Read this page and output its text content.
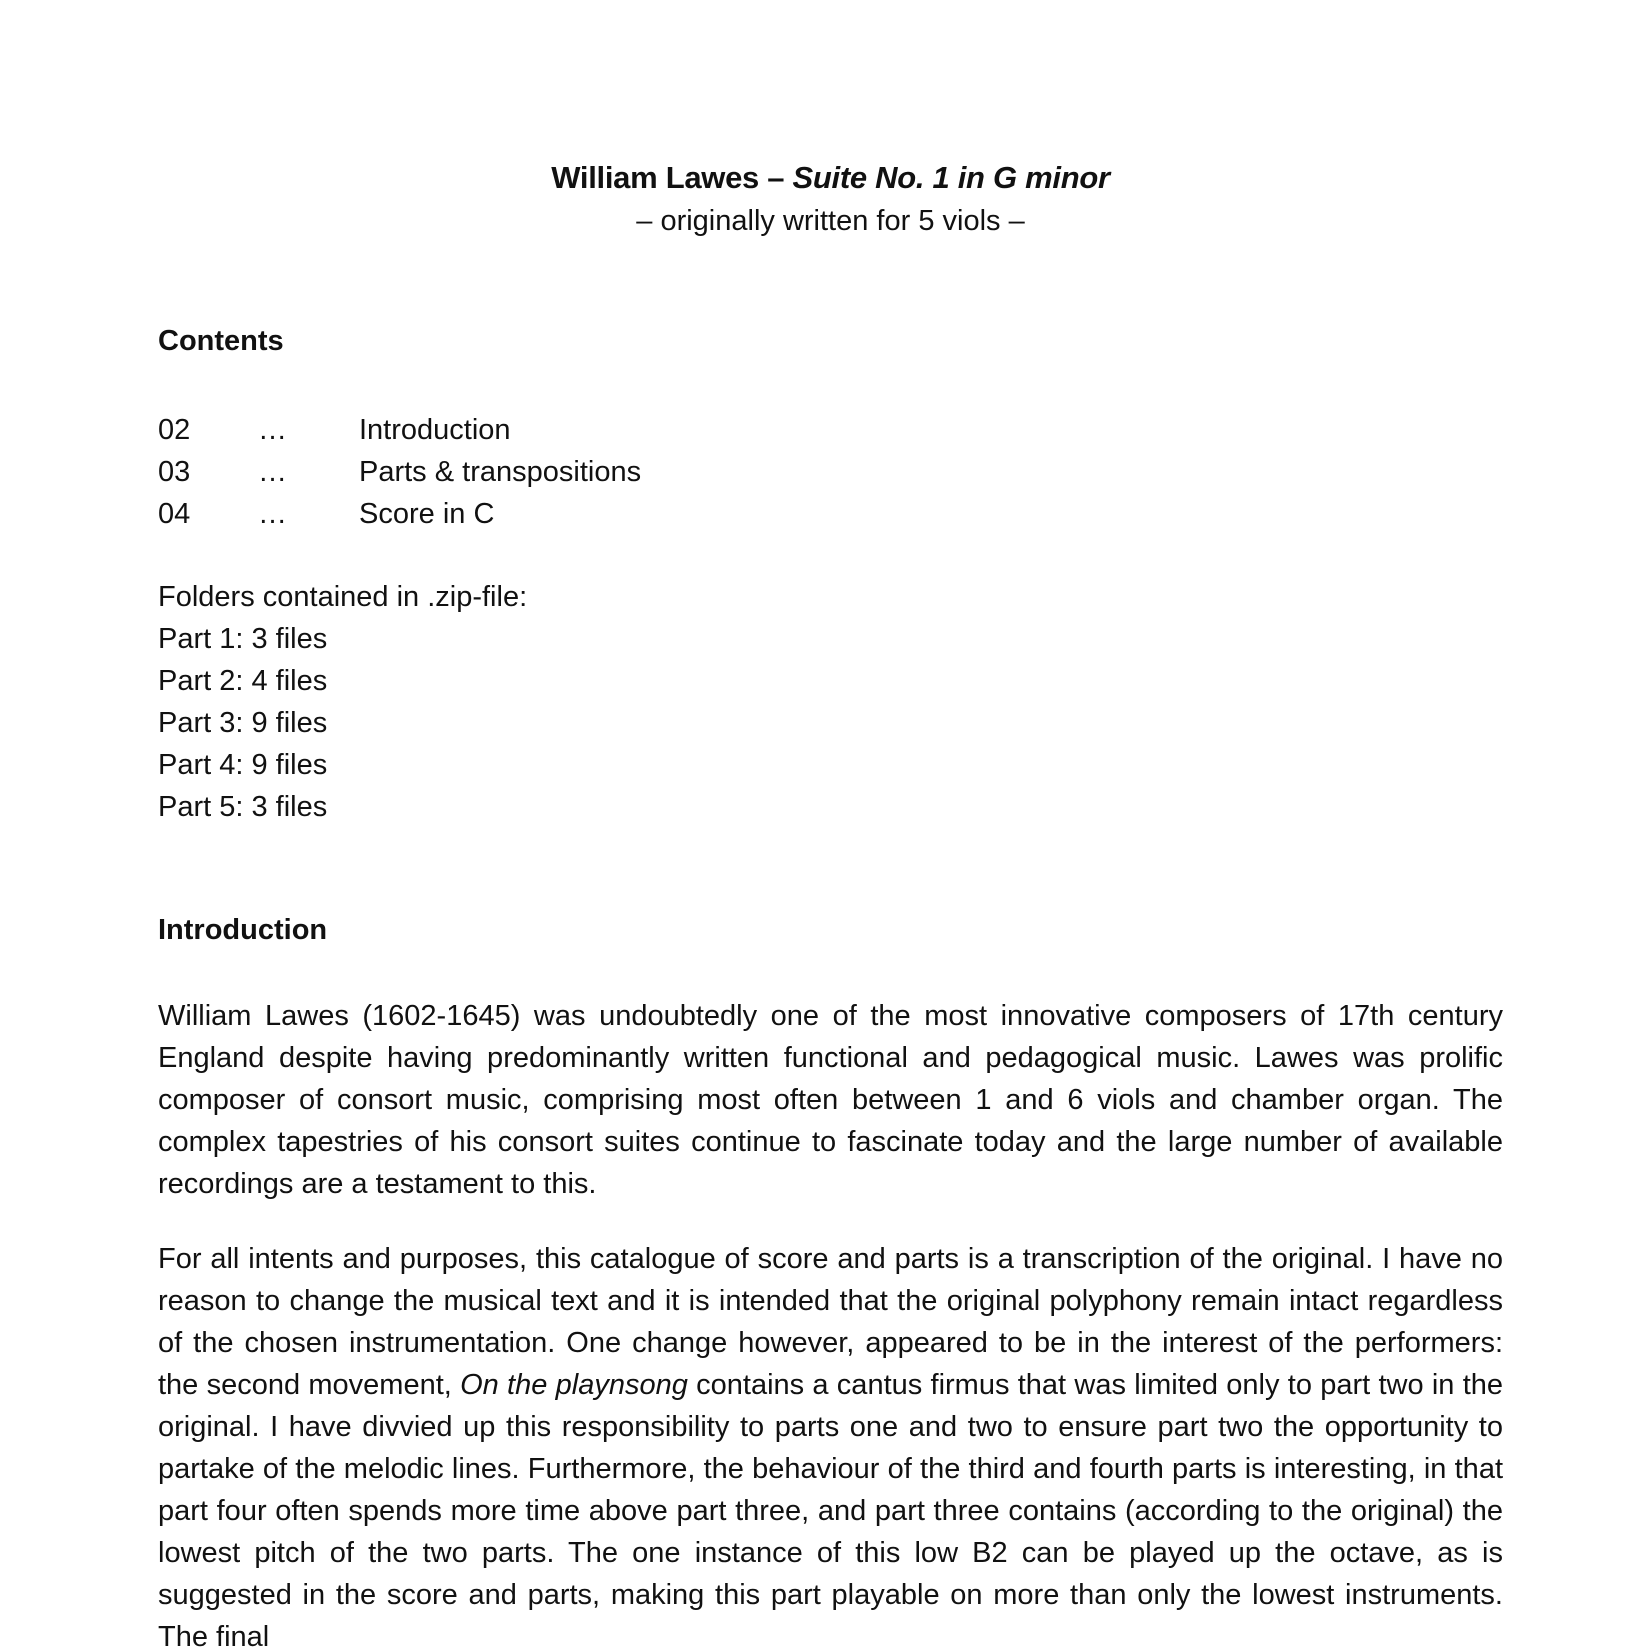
William Lawes – Suite No. 1 in G minor
– originally written for 5 viols –
Contents
02	…	Introduction
03	…	Parts & transpositions
04	…	Score in C
Folders contained in .zip-file:
Part 1: 3 files
Part 2: 4 files
Part 3: 9 files
Part 4: 9 files
Part 5: 3 files
Introduction

William Lawes (1602-1645) was undoubtedly one of the most innovative composers of 17th century England despite having predominantly written functional and pedagogical music. Lawes was prolific composer of consort music, comprising most often between 1 and 6 viols and chamber organ. The complex tapestries of his consort suites continue to fascinate today and the large number of available recordings are a testament to this.

For all intents and purposes, this catalogue of score and parts is a transcription of the original. I have no reason to change the musical text and it is intended that the original polyphony remain intact regardless of the chosen instrumentation. One change however, appeared to be in the interest of the performers: the second movement, On the playnsong contains a cantus firmus that was limited only to part two in the original. I have divvied up this responsibility to parts one and two to ensure part two the opportunity to partake of the melodic lines. Furthermore, the behaviour of the third and fourth parts is interesting, in that part four often spends more time above part three, and part three contains (according to the original) the lowest pitch of the two parts. The one instance of this low B2 can be played up the octave, as is suggested in the score and parts, making this part playable on more than only the lowest instruments. The final
